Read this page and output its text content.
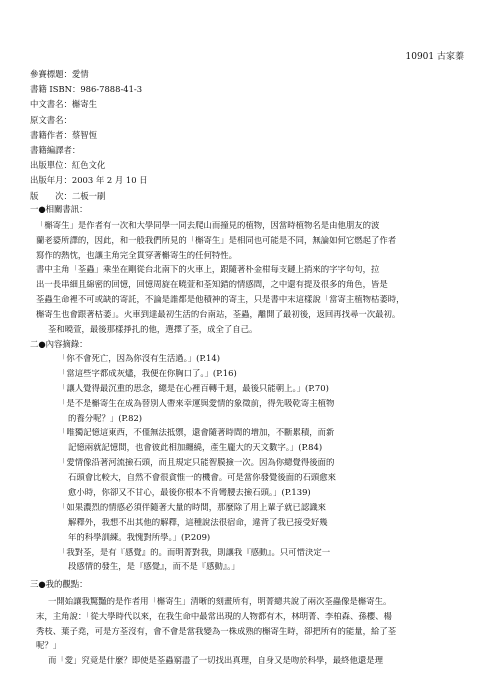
10901 古家蓁
參賽標題：愛情
書籍 ISBN：986-7888-41-3
中文書名：槲寄生
原文書名：
書籍作者：蔡智恆
書籍編譯者：
出版單位：紅色文化
出版年月：2003 年 2 月 10 日
版　　次：二板一刷
一●相關書訊：
「槲寄生」是作者有一次和大學同學一同去爬山而撞見的植物，因當時植物名是由他朋友的波
蘭老婆所譯的，因此，和一般我們所見的「槲寄生」是相同也可能是不同，無論如何它燃起了作者
寫作的熱忱，也讓主角完全貫穿著槲寄生的任何特性。
書中主角「荃蟲」乘坐在剛從台北南下的火車上，跟隨著朴金柑每支鏈上捎來的字字句句，拉
出一長串細且綿密的回憶，回憶周旋在曉萱和荃知錯的情感間，之中還有提及很多的角色，皆是
荃蟲生命裡不可或缺的寄託，不論是誰都是他積神的寄主，只是書中末這樣說「當寄主植物枯萎時，
槲寄生也會跟著枯萎」。火車到達最初生活的台南站，荃蟲，離開了最初後，返回再找尋一次最初。
荃和曉萱，最後那樣掙扎的他，選擇了荃，成全了自己。
二●內容摘錄：
「你不會死亡，因為你沒有生活過。」(P.14)
「當這些字都成灰燼，我便在你胸口了。」(P.16)
「讓人覺得最沉重的思念，總是在心裡百轉千迴，最後只能朝上。」(P.70)
「是不是槲寄生在成為替別人帶來幸運與愛情的象徵前，得先吸乾寄主植物
的養分呢？」(P.82)
「唯獨記憶這東西，不僅無法抵禦，還會隨著時間的增加，不斷累積，而新
記憶兩就記憶間，也會彼此相加纏繞，產生龐大的天文數字。」(P.84)
「愛情像沿著河流撿石頭，而且規定只能智膜撿一次。因為你總覺得後面的
石頭會比較大，自然不會很貪惟一的機會。可是當你發覺後面的石頭愈來
愈小時，你卻又不甘心，最後你根本不肯彎腰去撿石頭。」(P.139)
「如果濃烈的情感必須伴隨著大量的時間，那麼除了用上輩子就已認識來
解釋外，我想不出其他的解釋，這種說法很宿命，違背了我已接受好幾
年的科學訓練。我愧對所學。」(P.209)
「我對荃，是有『感覺』的。而明菁對我，則讓我『感動』。只可惜決定一
段感情的發生，是『感覺』，而不是『感動』。」
三●我的觀點：
一開始讓我驚豔的是作者用「槲寄生」清晰的刻畫所有，明菁總共說了兩次荃蟲像是槲寄生。
末，主角說：「從大學時代以來，在我生命中最常出現的人物都有木，林明菁、李柏森、孫櫻、楊
秀枝、葉子堯，可是方荃沒有，會不會是當我變為一株成熟的槲寄生時，卻把所有的能量，給了荃
呢？」
而「愛」究竟是什麼？即使是荃蟲窮盡了一切找出真理，自身又是吻於科學，最終他還是理
